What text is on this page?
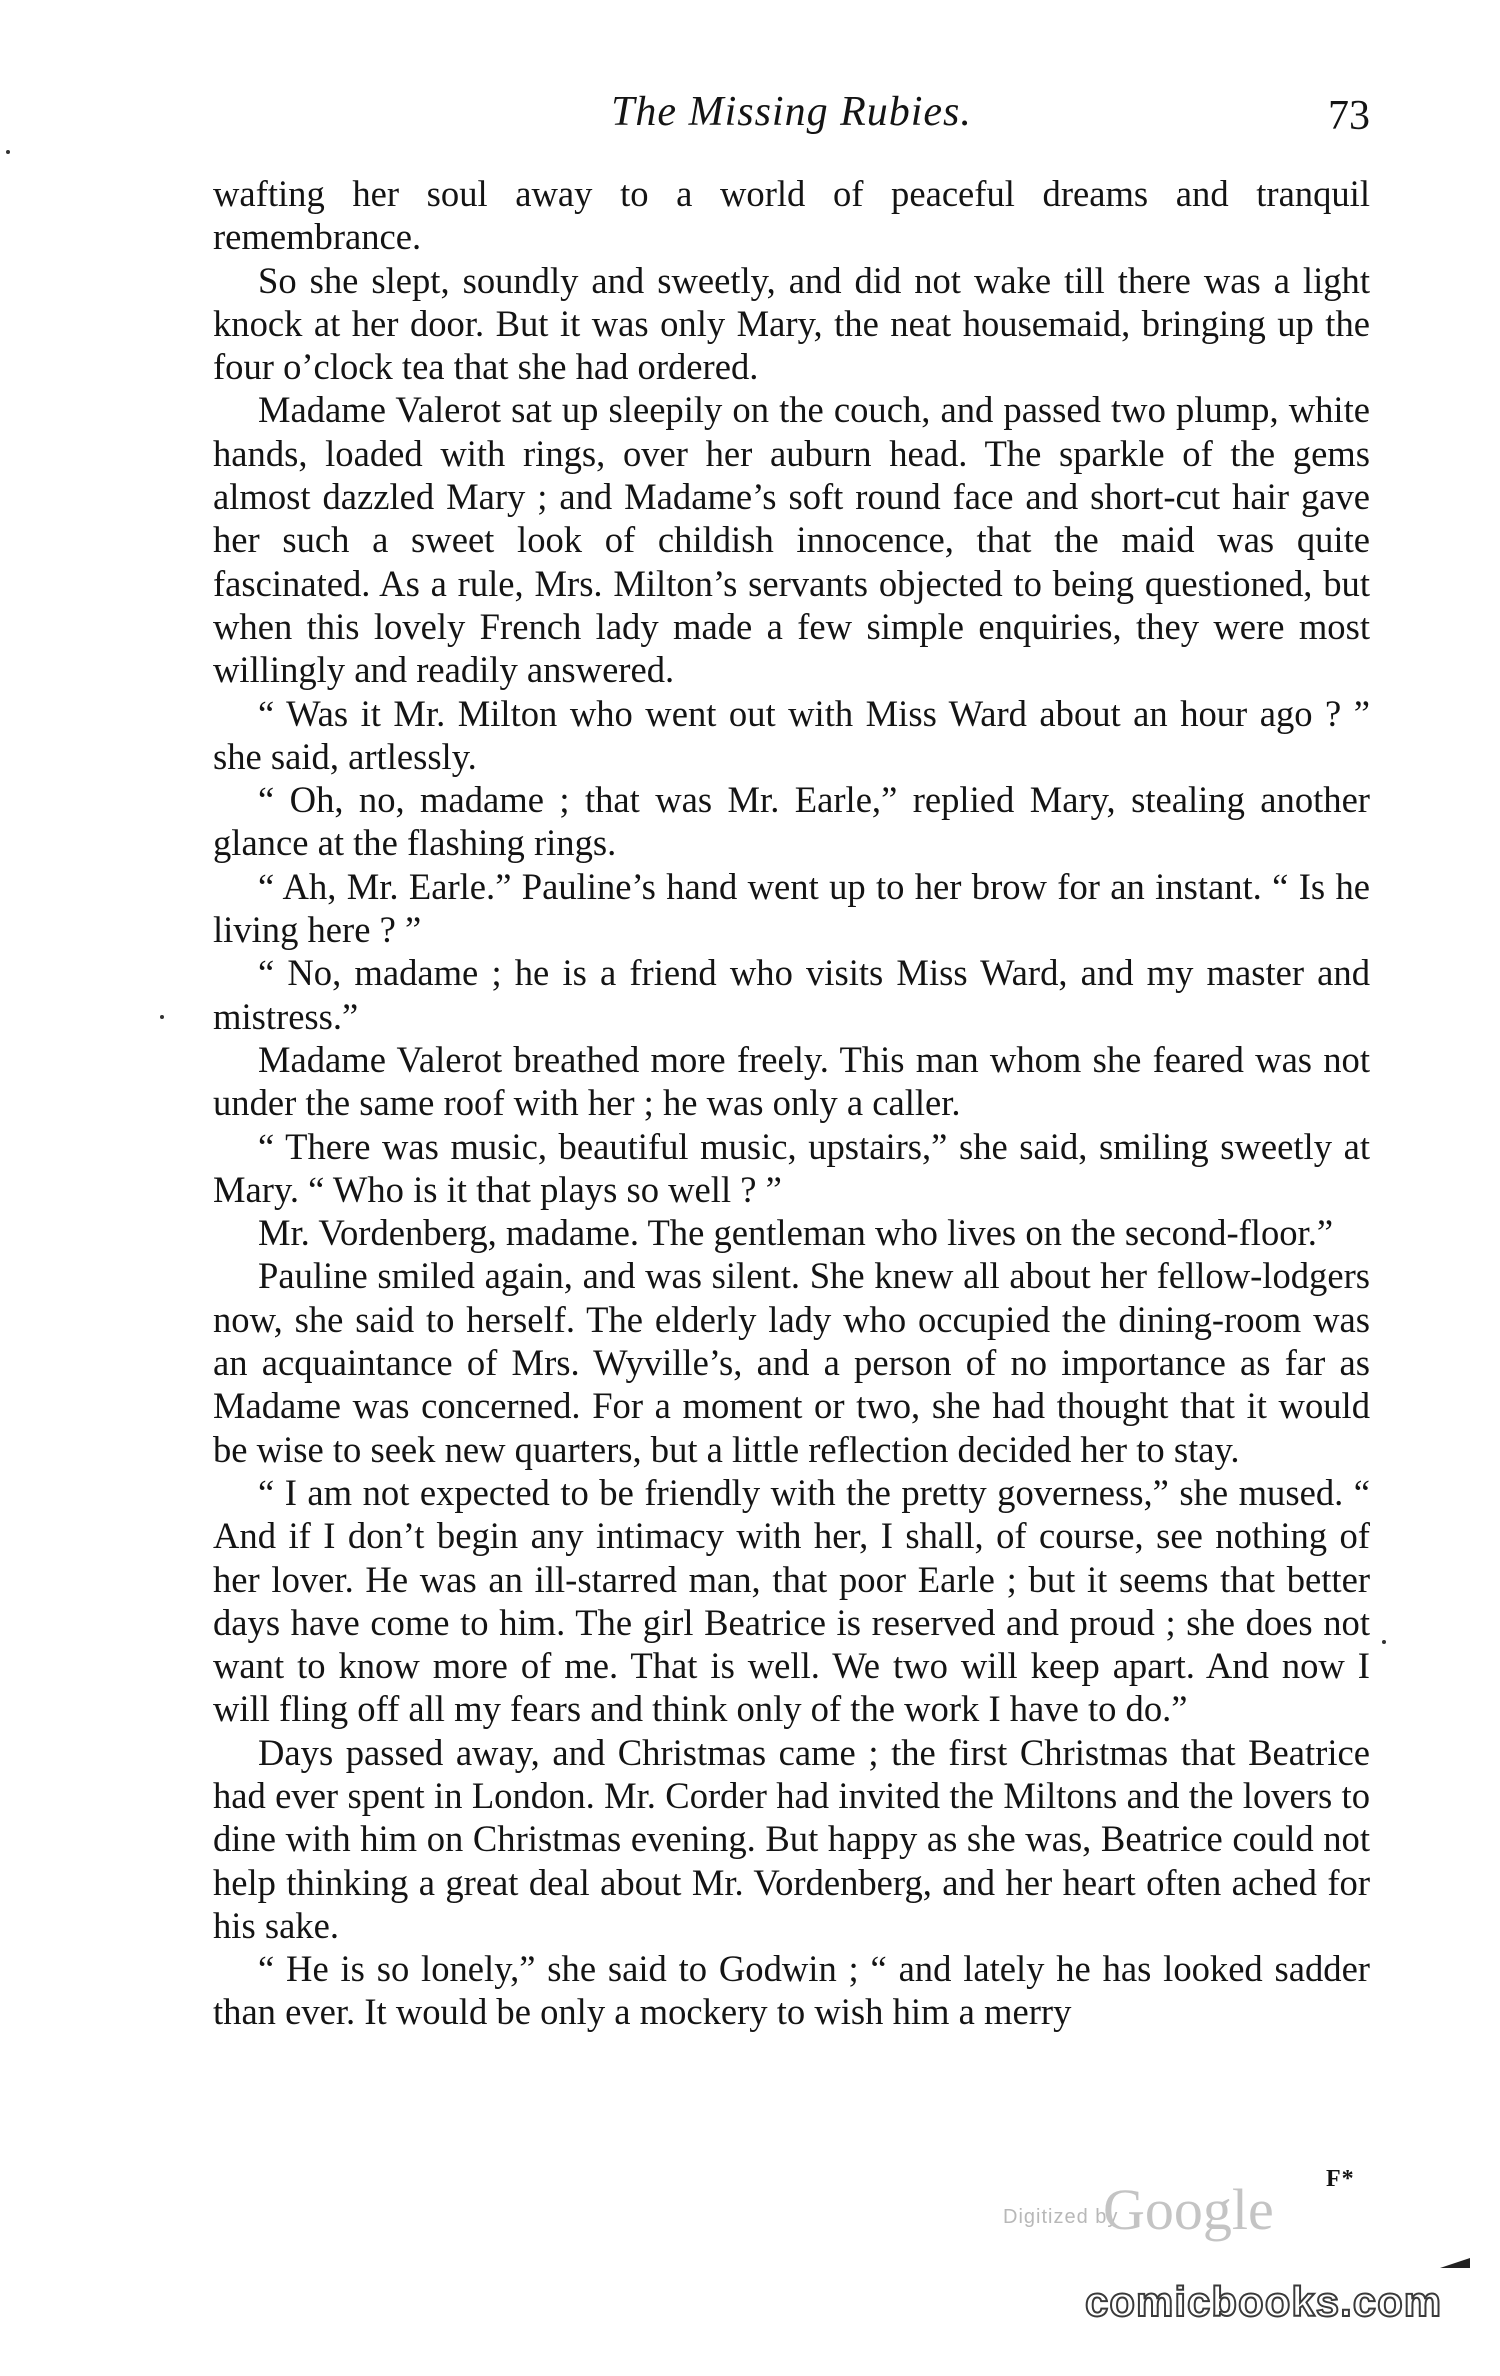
The Missing Rubies.	73

wafting her soul away to a world of peaceful dreams and tranquil remembrance.

So she slept, soundly and sweetly, and did not wake till there was a light knock at her door. But it was only Mary, the neat housemaid, bringing up the four o’clock tea that she had ordered.

Madame Valerot sat up sleepily on the couch, and passed two plump, white hands, loaded with rings, over her auburn head. The sparkle of the gems almost dazzled Mary ; and Madame’s soft round face and short-cut hair gave her such a sweet look of childish innocence, that the maid was quite fascinated. As a rule, Mrs. Milton’s servants objected to being questioned, but when this lovely French lady made a few simple enquiries, they were most willingly and readily answered.

“ Was it Mr. Milton who went out with Miss Ward about an hour ago ? ” she said, artlessly.

“ Oh, no, madame ; that was Mr. Earle,” replied Mary, stealing another glance at the flashing rings.

“ Ah, Mr. Earle.” Pauline’s hand went up to her brow for an instant. “ Is he living here ? ”

“ No, madame ; he is a friend who visits Miss Ward, and my master and mistress.”

Madame Valerot breathed more freely. This man whom she feared was not under the same roof with her ; he was only a caller.

“ There was music, beautiful music, upstairs,” she said, smiling sweetly at Mary. “ Who is it that plays so well ? ”

Mr. Vordenberg, madame. The gentleman who lives on the second-floor.”

Pauline smiled again, and was silent. She knew all about her fellow-lodgers now, she said to herself. The elderly lady who occupied the dining-room was an acquaintance of Mrs. Wyville’s, and a person of no importance as far as Madame was concerned. For a moment or two, she had thought that it would be wise to seek new quarters, but a little reflection decided her to stay.

“ I am not expected to be friendly with the pretty governess,” she mused. “ And if I don’t begin any intimacy with her, I shall, of course, see nothing of her lover. He was an ill-starred man, that poor Earle ; but it seems that better days have come to him. The girl Beatrice is reserved and proud ; she does not want to know more of me. That is well. We two will keep apart. And now I will fling off all my fears and think only of the work I have to do.”

Days passed away, and Christmas came ; the first Christmas that Beatrice had ever spent in London. Mr. Corder had invited the Miltons and the lovers to dine with him on Christmas evening. But happy as she was, Beatrice could not help thinking a great deal about Mr. Vordenberg, and her heart often ached for his sake.

“ He is so lonely,” she said to Godwin ; “ and lately he has looked sadder than ever. It would be only a mockery to wish him a merry

F*
Digitized by
Google
comicbooks.com
